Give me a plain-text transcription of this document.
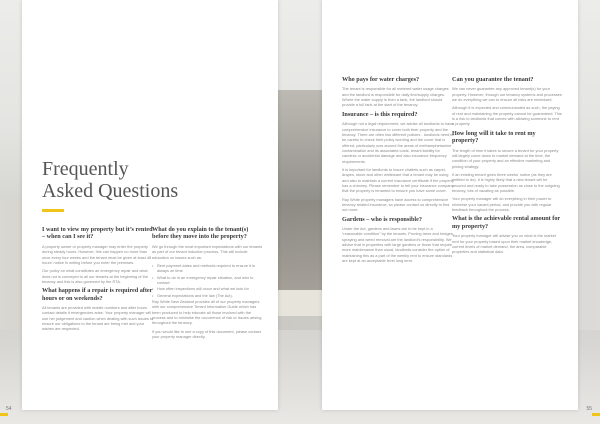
Frequently
Asked Questions
I want to view my property but it’s rented – when can I see it?
A property owner or property manager may enter the property during steady hours. However, this can happen no more than once every four weeks and the tenant must be given at least 48 hours’ notice in writing before you enter the premises.
Our policy on what constitutes an emergency repair and what does not is conveyed to all our tenants at the beginning of the tenancy and this is also governed by the RTA.
What happens if a repair is required after hours or on weekends?
All tenants are provided with mobile numbers and after hours contact details if emergencies arise. Your property manager will use her judgement and caution when dealing with such issues to ensure our obligations to the tenant are being met and your wishes are respected.
What do you explain to the tenant(s) before they move into the property?
We go through the most important expectations with our tenants as part of our tenant induction process. This will include education on issues such as:
• Rent payment dates and methods required to ensure it is always on time
• What to do in an emergency repair situation, and who to contact
• How often inspections will occur and what we look for
• General expectations and the law (The Act).
Ray White New Zealand provides all of our property managers with our comprehensive Tenant Information Guide which has been produced to help educate all those involved with the process and to minimise the occurrence of risk or issues arising throughout the tenancy.
If you would like to see a copy of this document, please contact your property manager directly.
54
Who pays for water charges?
The tenant is responsible for all metered water usage charges and the landlord is responsible for daily line/supply charges. Where the water supply is from a tank, the landlord should provide a full tank at the start of the tenancy.
Insurance – is this required?
Although not a legal requirement, we advise all landlords to have comprehensive insurance to cover both their property and the tenancy. There are often two different policies - landlords need to be careful to check their policy wording and the cover that is offered, particularly now around the areas of methamphetamine contamination and its associated costs, tenant liability for careless or accidental damage and also insurance frequency requirements.
It is important for landlords to insure chattels such as carpet, drapes, stove and other whiteware that a tenant may be using and also to maintain a current insurance certificate if the property has a chimney. Please remember to tell your insurance company that the property is tenanted to ensure you have some cover.
Ray White property managers have access to comprehensive tenancy related insurance, so please contact us directly to find out more.
Gardens – who is responsible?
Under the Act, gardens and lawns are to be kept in a “reasonable condition” by the tenants. Pruning trees and hedges, spraying and weed removal are the landlord’s responsibility. We advise that in properties with large gardens or those that require more maintenance than usual, landlords consider the option of maintaining this as a part of the weekly rent to ensure standards are kept at an acceptable level long term.
Can you guarantee the tenant?
We can never guarantee any approved tenant(s) for your property. However, through our tenancy systems and processes we do everything we can to ensure all risks are minimised.
Although it is expected and communicated as such, the paying of rent and maintaining the property cannot be guaranteed. This is a risk to landlords that comes with allowing someone to rent a property.
How long will it take to rent my property?
The length of time it takes to secure a tenant for your property will largely come down to market demand at the time, the condition of your property and an effective marketing and pricing strategy.
If an existing tenant gives three weeks’ notice (as they are entitled to do), it is highly likely that a new tenant will be secured and ready to take possession as close to the outgoing tenancy, lots of vacating as possible.
Your property manager will do everything in their power to minimise your vacant period, and provide you with regular feedback throughout the process.
What is the achievable rental amount for my property?
Your property manager will advise you on what is the market rent for your property based upon their market knowledge, current levels of market demand, the area, comparable properties and statistical data.
55
